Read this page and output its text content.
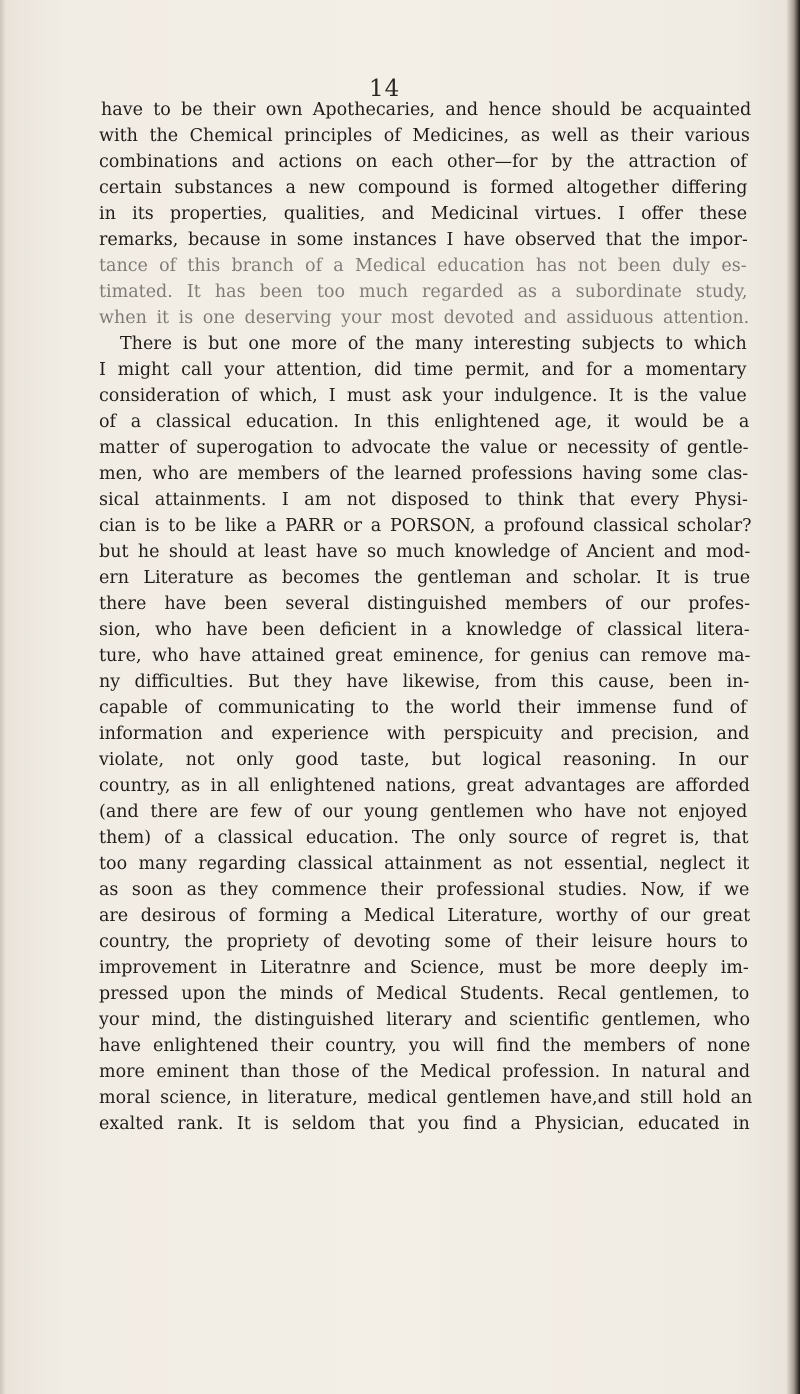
14
have to be their own Apothecaries, and hence should be acquainted
with the Chemical principles of Medicines, as well as their various
combinations and actions on each other—for by the attraction of
certain substances a new compound is formed altogether differing
in its properties, qualities, and Medicinal virtues. I offer these
remarks, because in some instances I have observed that the impor-
tance of this branch of a Medical education has not been duly es-
timated. It has been too much regarded as a subordinate study,
when it is one deserving your most devoted and assiduous attention.
There is but one more of the many interesting subjects to which
I might call your attention, did time permit, and for a momentary
consideration of which, I must ask your indulgence. It is the value
of a classical education. In this enlightened age, it would be a
matter of superogation to advocate the value or necessity of gentle-
men, who are members of the learned professions having some clas-
sical attainments. I am not disposed to think that every Physi-
cian is to be like a PARR or a PORSON, a profound classical scholar?
but he should at least have so much knowledge of Ancient and mod-
ern Literature as becomes the gentleman and scholar. It is true
there have been several distinguished members of our profes-
sion, who have been deficient in a knowledge of classical litera-
ture, who have attained great eminence, for genius can remove ma-
ny difficulties. But they have likewise, from this cause, been in-
capable of communicating to the world their immense fund of
information and experience with perspicuity and precision, and
violate, not only good taste, but logical reasoning. In our
country, as in all enlightened nations, great advantages are afforded
(and there are few of our young gentlemen who have not enjoyed
them) of a classical education. The only source of regret is, that
too many regarding classical attainment as not essential, neglect it
as soon as they commence their professional studies. Now, if we
are desirous of forming a Medical Literature, worthy of our great
country, the propriety of devoting some of their leisure hours to
improvement in Literatnre and Science, must be more deeply im-
pressed upon the minds of Medical Students. Recal gentlemen, to
your mind, the distinguished literary and scientific gentlemen, who
have enlightened their country, you will find the members of none
more eminent than those of the Medical profession. In natural and
moral science, in literature, medical gentlemen have,and still hold an
exalted rank. It is seldom that you find a Physician, educated in
